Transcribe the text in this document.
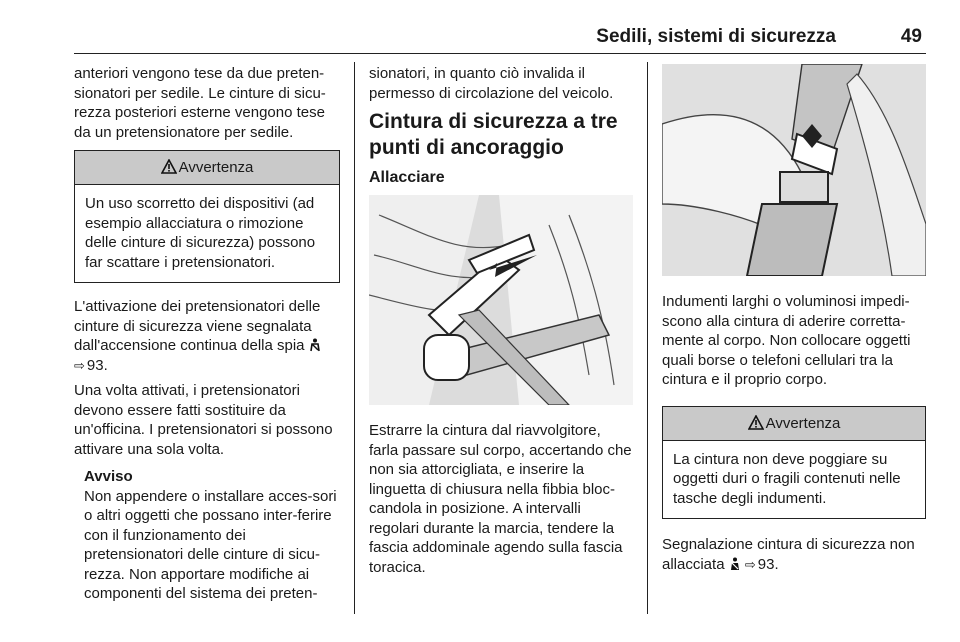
Sedili, sistemi di sicurezza	49

anteriori vengono tese da due preten-sionatori per sedile. Le cinture di sicu-rezza posteriori esterne vengono tese da un pretensionatore per sedile.

Avvertenza
Un uso scorretto dei dispositivi (ad esempio allacciatura o rimozione delle cinture di sicurezza) possono far scattare i pretensionatori.

L'attivazione dei pretensionatori delle cinture di sicurezza viene segnalata dall'accensione continua della spia
⇨ 93.

Una volta attivati, i pretensionatori devono essere fatti sostituire da un'officina. I pretensionatori si possono attivare una sola volta.

Avviso
Non appendere o installare acces-sori o altri oggetti che possano inter-ferire con il funzionamento dei pretensionatori delle cinture di sicu-rezza. Non apportare modifiche ai componenti del sistema dei preten-

sionatori, in quanto ciò invalida il permesso di circolazione del veicolo.

Cintura di sicurezza a tre punti di ancoraggio
Allacciare

Estrarre la cintura dal riavvolgitore, farla passare sul corpo, accertando che non sia attorcigliata, e inserire la linguetta di chiusura nella fibbia bloc-candola in posizione. A intervalli regolari durante la marcia, tendere la fascia addominale agendo sulla fascia toracica.

Indumenti larghi o voluminosi impedi-scono alla cintura di aderire corretta-mente al corpo. Non collocare oggetti quali borse o telefoni cellulari tra la cintura e il proprio corpo.

Avvertenza
La cintura non deve poggiare su oggetti duri o fragili contenuti nelle tasche degli indumenti.

Segnalazione cintura di sicurezza non allacciata ⇨ 93.
